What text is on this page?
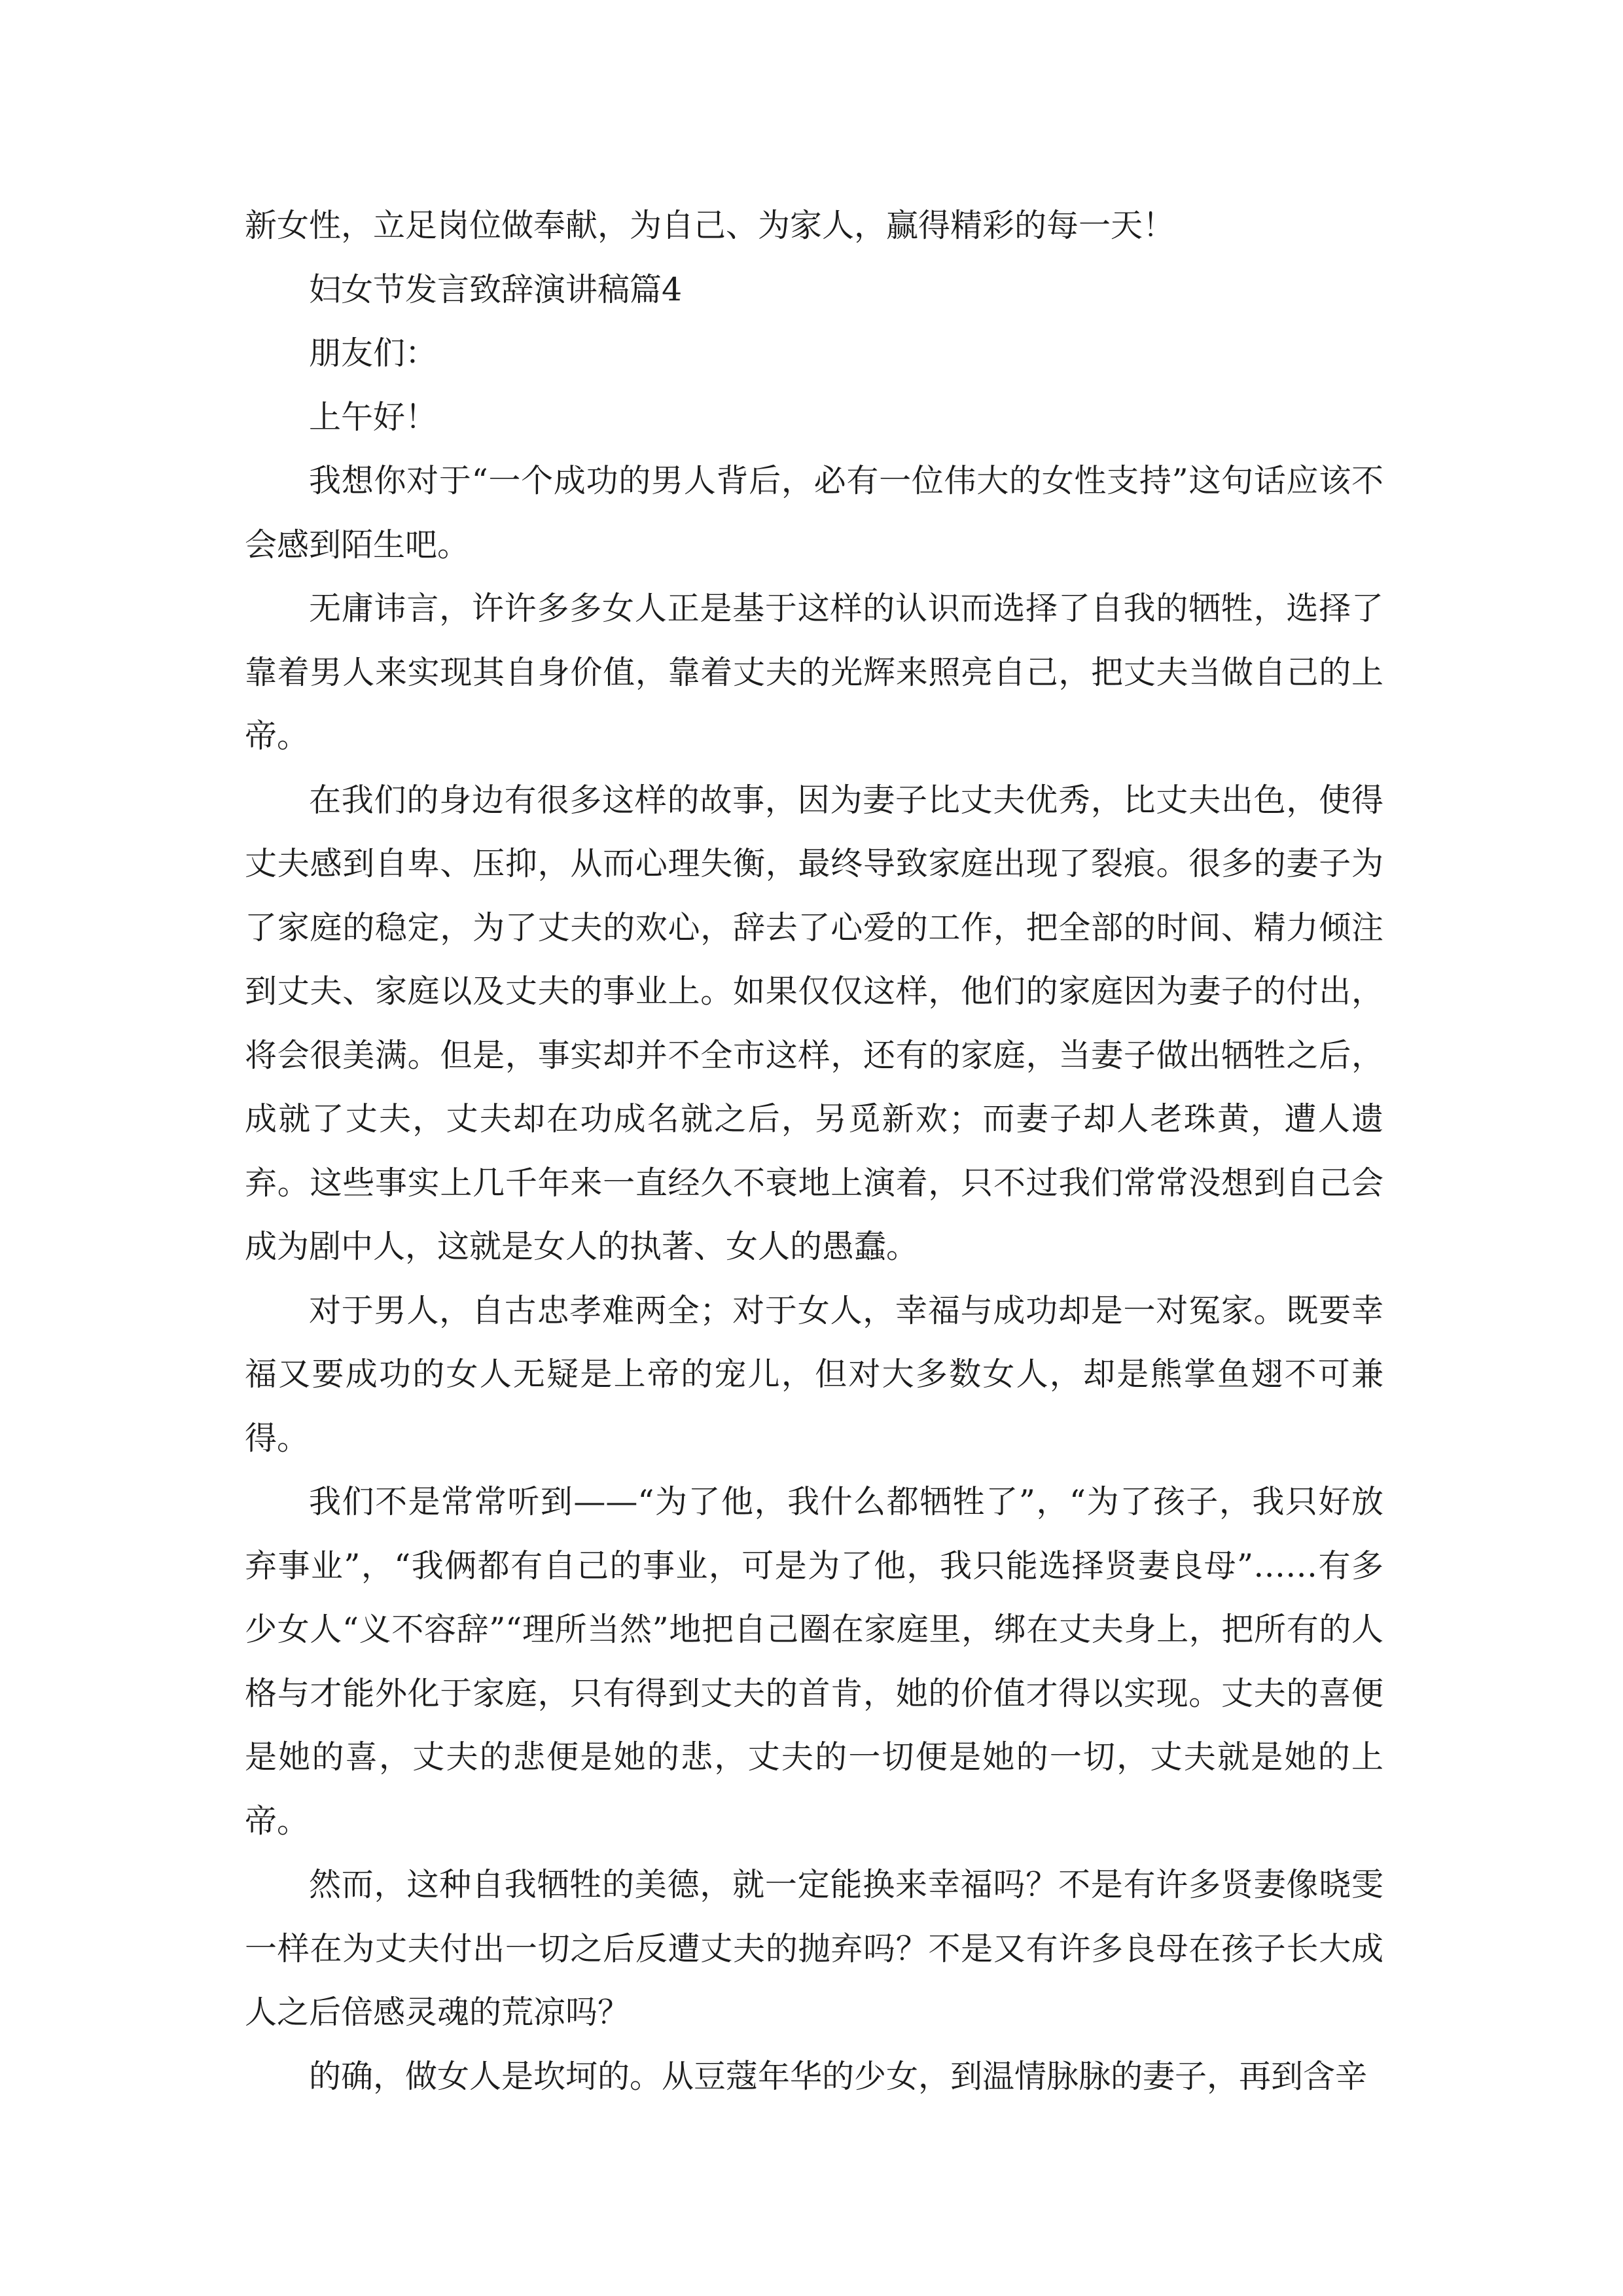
新女性，立足岗位做奉献，为自己、为家人，赢得精彩的每一天！

妇女节发言致辞演讲稿篇4

朋友们：

上午好！

我想你对于“一个成功的男人背后，必有一位伟大的女性支持”这句话应该不会感到陌生吧。

无庸讳言，许许多多女人正是基于这样的认识而选择了自我的牺牲，选择了靠着男人来实现其自身价值，靠着丈夫的光辉来照亮自己，把丈夫当做自己的上帝。

在我们的身边有很多这样的故事，因为妻子比丈夫优秀，比丈夫出色，使得丈夫感到自卑、压抑，从而心理失衡，最终导致家庭出现了裂痕。很多的妻子为了家庭的稳定，为了丈夫的欢心，辞去了心爱的工作，把全部的时间、精力倾注到丈夫、家庭以及丈夫的事业上。如果仅仅这样，他们的家庭因为妻子的付出，将会很美满。但是，事实却并不全市这样，还有的家庭，当妻子做出牺牲之后，成就了丈夫，丈夫却在功成名就之后，另觅新欢；而妻子却人老珠黄，遭人遗弃。这些事实上几千年来一直经久不衰地上演着，只不过我们常常没想到自己会成为剧中人，这就是女人的执著、女人的愚蠢。

对于男人，自古忠孝难两全；对于女人，幸福与成功却是一对冤家。既要幸福又要成功的女人无疑是上帝的宠儿，但对大多数女人，却是熊掌鱼翅不可兼得。

我们不是常常听到——“为了他，我什么都牺牲了”，“为了孩子，我只好放弃事业”，“我俩都有自己的事业，可是为了他，我只能选择贤妻良母”……有多少女人“义不容辞”“理所当然”地把自己圈在家庭里，绑在丈夫身上，把所有的人格与才能外化于家庭，只有得到丈夫的首肯，她的价值才得以实现。丈夫的喜便是她的喜，丈夫的悲便是她的悲，丈夫的一切便是她的一切，丈夫就是她的上帝。

然而，这种自我牺牲的美德，就一定能换来幸福吗？不是有许多贤妻像晓雯一样在为丈夫付出一切之后反遭丈夫的抛弃吗？不是又有许多良母在孩子长大成人之后倍感灵魂的荒凉吗？

的确，做女人是坎坷的。从豆蔻年华的少女，到温情脉脉的妻子，再到含辛
